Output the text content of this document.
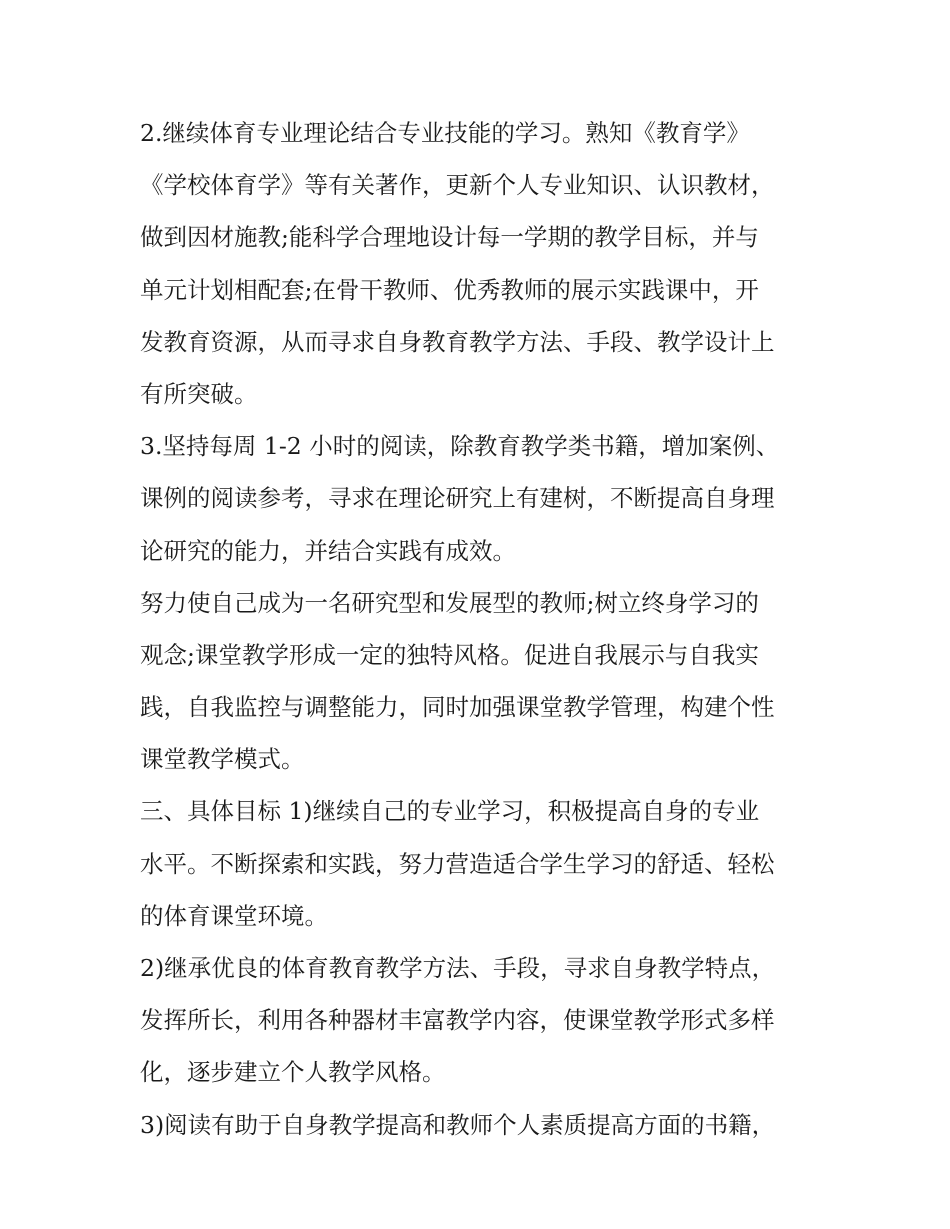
2.继续体育专业理论结合专业技能的学习。熟知《教育学》
《学校体育学》等有关著作，更新个人专业知识、认识教材，
做到因材施教;能科学合理地设计每一学期的教学目标，并与
单元计划相配套;在骨干教师、优秀教师的展示实践课中，开
发教育资源，从而寻求自身教育教学方法、手段、教学设计上
有所突破。
3.坚持每周 1-2 小时的阅读，除教育教学类书籍，增加案例、
课例的阅读参考，寻求在理论研究上有建树，不断提高自身理
论研究的能力，并结合实践有成效。
努力使自己成为一名研究型和发展型的教师;树立终身学习的
观念;课堂教学形成一定的独特风格。促进自我展示与自我实
践，自我监控与调整能力，同时加强课堂教学管理，构建个性
课堂教学模式。
三、具体目标 1)继续自己的专业学习，积极提高自身的专业
水平。不断探索和实践，努力营造适合学生学习的舒适、轻松
的体育课堂环境。
2)继承优良的体育教育教学方法、手段，寻求自身教学特点，
发挥所长，利用各种器材丰富教学内容，使课堂教学形式多样
化，逐步建立个人教学风格。
3)阅读有助于自身教学提高和教师个人素质提高方面的书籍，
